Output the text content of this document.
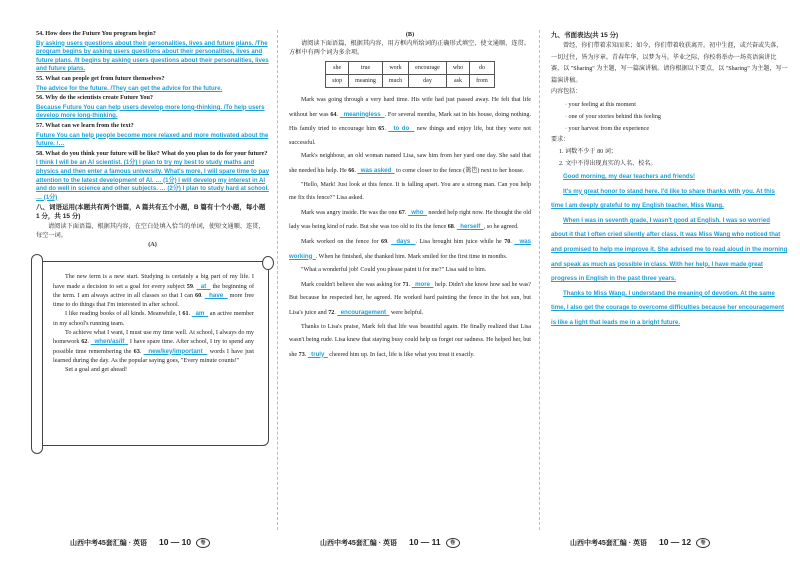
54. How does the Future You program begin?
By asking users questions about their personalities, lives and future plans. /The program begins by asking users questions about their personalities, lives and future plans. /It begins by asking users questions about their personalities, lives and future plans.
55. What can people get from future themselves?
The advice for the future. /They can get the advice for the future.
56. Why do the scientists create Future You?
Because Future You can help users develop more long-thinking. /To help users develop more long-thinking.
57. What can we learn from the text?
Future You can help people become more relaxed and more motivated about the future. /…
58. What do you think your future will be like? What do you plan to do for your future?
I think I will be an AI scientist. (1分) I plan to try my best to study maths and physics and then enter a famous university. What's more, I will spare time to pay attention to the latest development of AI. … (1分) I will develop my interest in AI and do well in science and other subjects. … (2分) I plan to study hard at school. … (1分)
八、词语运用(本题共有两个语篇，A 篇共有五个小题，B 篇有十个小题，每小题 1 分，共 15 分)
请阅读下面语篇，根据其内容，在空白处填入恰当的单词，使短文通顺、连贯，每空一词。
(A)
The new term is a new start. Studying is certainly a big part of my life. I have made a decision to set a goal for every subject 59.   at   the beginning of the term. I am always active in all classes so that I can 60.   have   more free time to do things that I'm interested in after school.
I like reading books of all kinds. Meanwhile, I 61.   am   an active member in my school's running team.
To achieve what I want, I must use my time well. At school, I always do my homework 62.   when/as/if   I have spare time. After school, I try to spend any possible time remembering the 63.   new/key/important   words I have just learned during the day. As the popular saying goes, "Every minute counts!"
Set a goal and get ahead!
(B)
请阅读下面语篇，根据其内容，用方框内所给词的正确形式填空，使文通顺、连贯。方框中有两个词为多余项。
she	true	work	encourage	who	do
stop	meaning	much	day	ask	from
Mark was going through a very hard time. His wife had just passed away. He felt that life without her was 64.   meaningless  . For several months, Mark sat in his house, doing nothing. His family tried to encourage him 65.   to do   new things and enjoy life, but they were not successful.
Mark's neighbour, an old woman named Lisa, saw him from her yard one day. She said that she needed his help. He 66.   was asked   to come closer to the fence (篱笆) next to her house.
"Hello, Mark! Just look at this fence. It is falling apart. You are a strong man. Can you help me fix this fence?" Lisa asked.
Mark was angry inside. He was the one 67.   who   needed help right now. He thought the old lady was being kind of rude. But she was too old to fix the fence 68.   herself  , so he agreed.
Mark worked on the fence for 69.   days  . Lisa brought him juice while he 70.   was working  . When he finished, she thanked him. Mark smiled for the first time in months.
"What a wonderful job! Could you please paint it for me?" Lisa said to him.
Mark couldn't believe she was asking for 71.   more   help. Didn't she know how sad he was? But because he respected her, he agreed. He worked hard painting the fence in the hot sun, but Lisa's juice and 72.   encouragement   were helpful.
Thanks to Lisa's praise, Mark felt that life was beautiful again. He finally realized that Lisa wasn't being rude. Lisa knew that staying busy could help us forget our sadness. He helped her, but she 73.   truly   cheered him up. In fact, life is like what you treat it exactly.
九、书面表达(共 15 分)
曾经，你们带着求知而来；如今，你们带着收获离开。初中生涯，或兴奋或失落，一切过往，皆为序章。青春年华，以梦为马。毕业之际，你校将举办一场英语演讲比赛，以 "Sharing" 为主题，写一篇演讲稿。请你根据以下要点，以 "Sharing" 为主题，写一篇演讲稿。
内容包括：
· your feeling at this moment
· one of your stories behind this feeling
· your harvest from the experience
要求：
1. 词数不少于 80 词；
2. 文中不得出现真实的人名、校名。
Good morning, my dear teachers and friends!
It's my great honor to stand here. I'd like to share thanks with you. At this time I am deeply grateful to my English teacher, Miss Wang.
When I was in seventh grade, I wasn't good at English. I was so worried about it that I often cried silently after class. It was Miss Wang who noticed that and promised to help me improve it. She advised me to read aloud in the morning and speak as much as possible in class. With her help, I have made great progress in English in the past three years.
Thanks to Miss Wang, I understand the meaning of devotion. At the same time, I also get the courage to overcome difficulties because her encouragement is like a light that leads me in a bright future.
山西中考45套汇编 · 英语 10 — 10 卷	山西中考45套汇编 · 英语 10 — 11 卷	山西中考45套汇编 · 英语 10 — 12 卷
